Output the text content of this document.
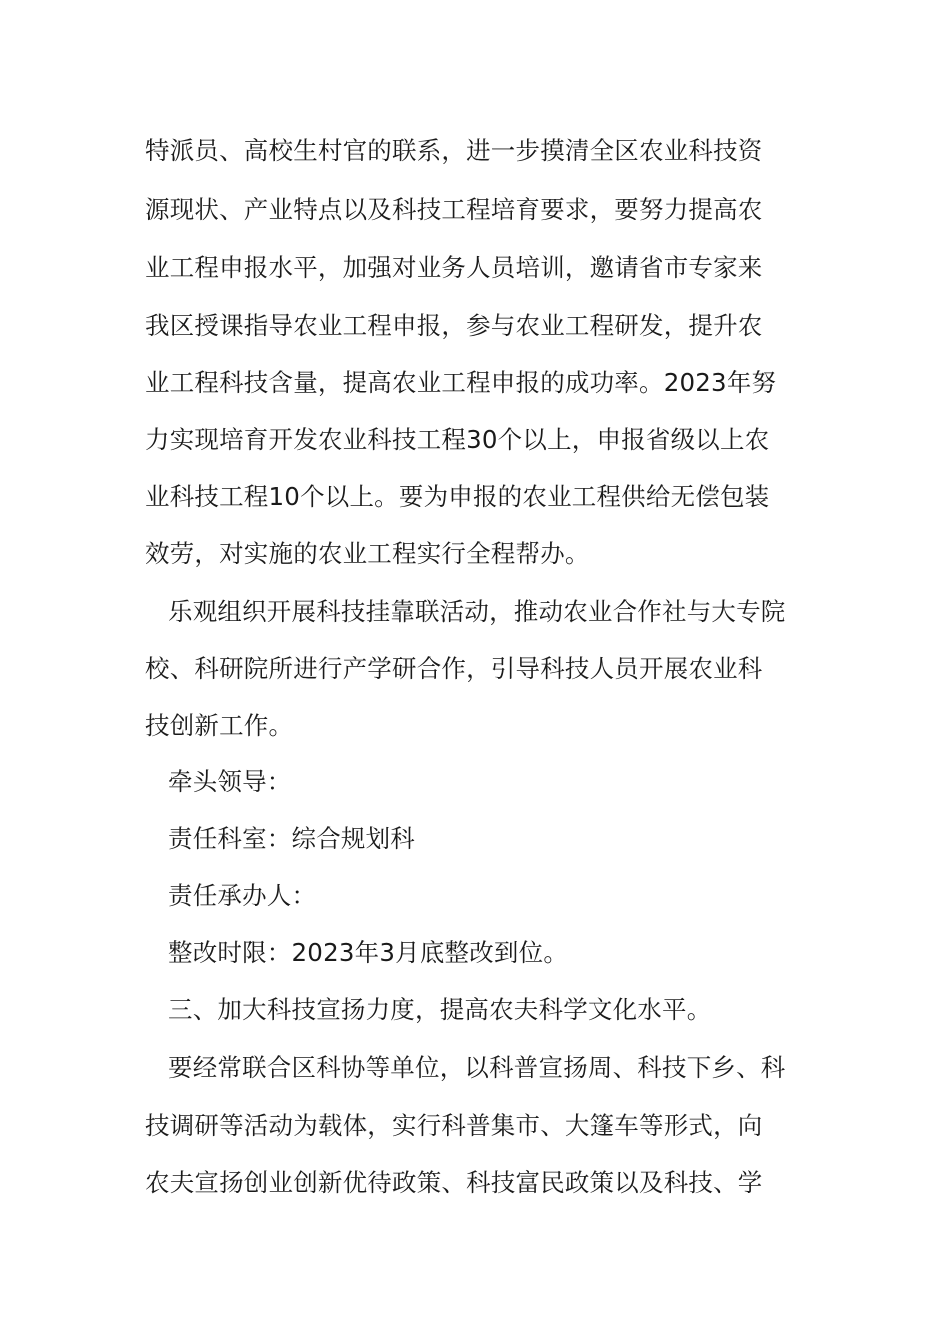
特派员、高校生村官的联系，进一步摸清全区农业科技资
源现状、产业特点以及科技工程培育要求，要努力提高农
业工程申报水平，加强对业务人员培训，邀请省市专家来
我区授课指导农业工程申报，参与农业工程研发，提升农
业工程科技含量，提高农业工程申报的成功率。2023年努
力实现培育开发农业科技工程30个以上，申报省级以上农
业科技工程10个以上。要为申报的农业工程供给无偿包装
效劳，对实施的农业工程实行全程帮办。
乐观组织开展科技挂靠联活动，推动农业合作社与大专院
校、科研院所进行产学研合作，引导科技人员开展农业科
技创新工作。
牵头领导：
责任科室：综合规划科
责任承办人：
整改时限：2023年3月底整改到位。
三、加大科技宣扬力度，提高农夫科学文化水平。
要经常联合区科协等单位，以科普宣扬周、科技下乡、科
技调研等活动为载体，实行科普集市、大篷车等形式，向
农夫宣扬创业创新优待政策、科技富民政策以及科技、学
